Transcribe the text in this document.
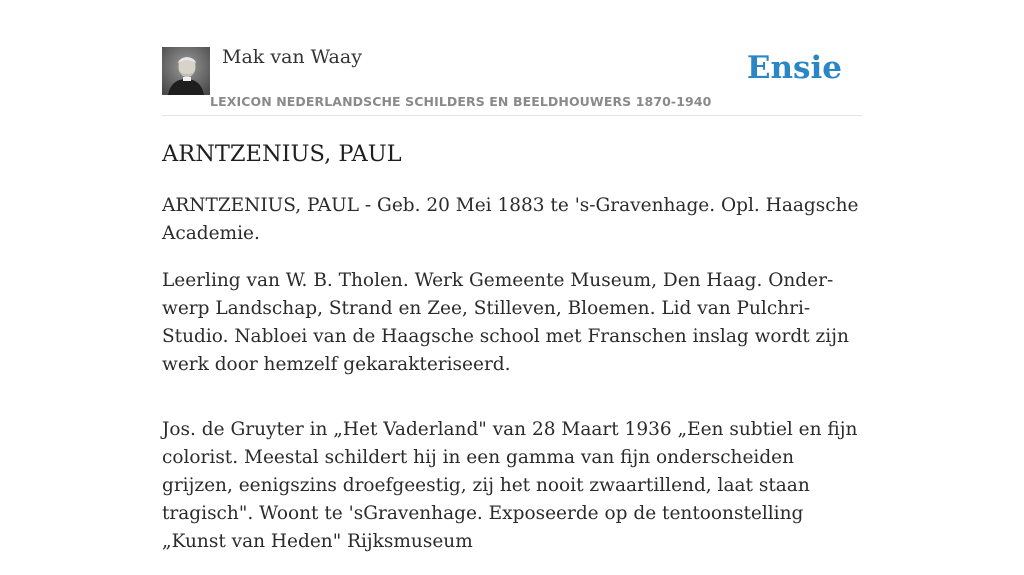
Mak van Waay
LEXICON NEDERLANDSCHE SCHILDERS EN BEELDHOUWERS 1870-1940
Ensie
ARNTZENIUS, PAUL

ARNTZENIUS, PAUL - Geb. 20 Mei 1883 te 's-Gravenhage. Opl. Haagsche Academie.

Leerling van W. B. Tholen. Werk Gemeente Museum, Den Haag. Onder-werp Landschap, Strand en Zee, Stilleven, Bloemen. Lid van Pulchri-Studio. Nabloei van de Haagsche school met Franschen inslag wordt zijn werk door hemzelf gekarakteriseerd.

Jos. de Gruyter in „Het Vaderland" van 28 Maart 1936 „Een subtiel en fijn colorist. Meestal schildert hij in een gamma van fijn onderscheiden grijzen, eenigszins droefgeestig, zij het nooit zwaartillend, laat staan tragisch". Woont te 'sGravenhage. Exposeerde op de tentoonstelling „Kunst van Heden" Rijksmuseum
